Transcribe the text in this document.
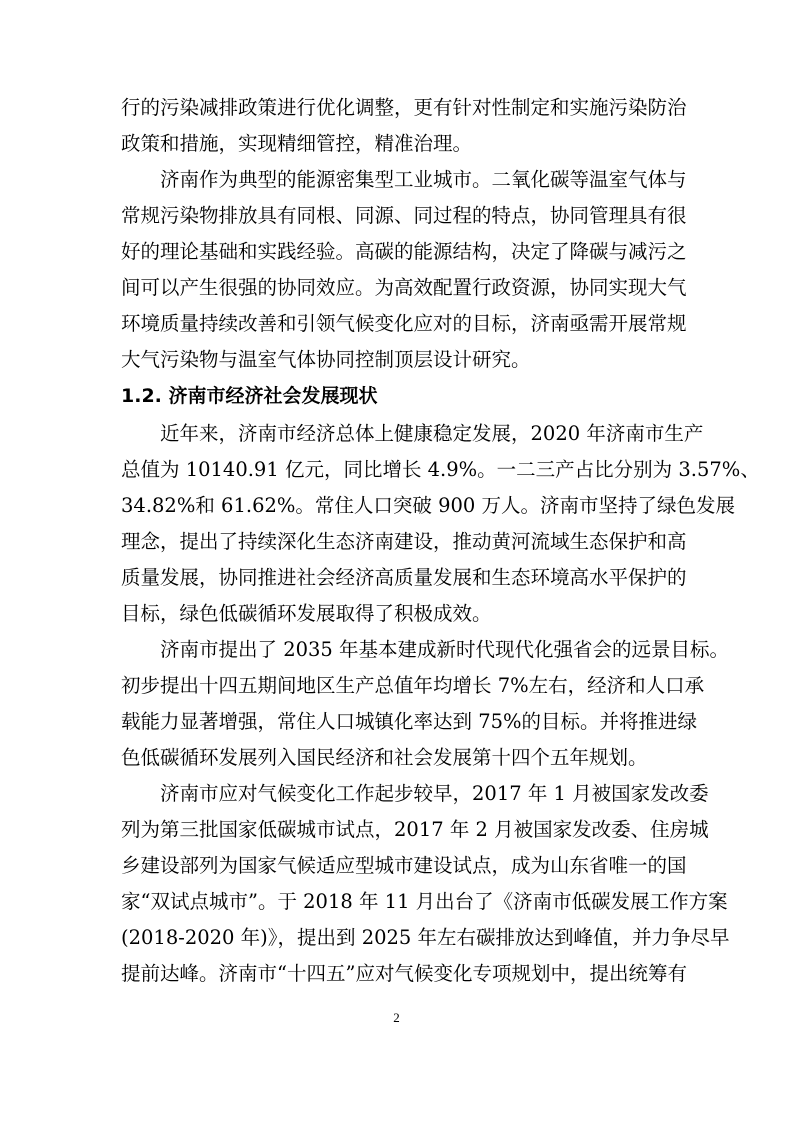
行的污染减排政策进行优化调整，更有针对性制定和实施污染防治
政策和措施，实现精细管控，精准治理。
　　济南作为典型的能源密集型工业城市。二氧化碳等温室气体与
常规污染物排放具有同根、同源、同过程的特点，协同管理具有很
好的理论基础和实践经验。高碳的能源结构，决定了降碳与减污之
间可以产生很强的协同效应。为高效配置行政资源，协同实现大气
环境质量持续改善和引领气候变化应对的目标，济南亟需开展常规
大气污染物与温室气体协同控制顶层设计研究。
1.2. 济南市经济社会发展现状
　　近年来，济南市经济总体上健康稳定发展，2020 年济南市生产
总值为 10140.91 亿元，同比增长 4.9%。一二三产占比分别为 3.57%、
34.82%和 61.62%。常住人口突破 900 万人。济南市坚持了绿色发展
理念，提出了持续深化生态济南建设，推动黄河流域生态保护和高
质量发展，协同推进社会经济高质量发展和生态环境高水平保护的
目标，绿色低碳循环发展取得了积极成效。
　　济南市提出了 2035 年基本建成新时代现代化强省会的远景目标。
初步提出十四五期间地区生产总值年均增长 7%左右，经济和人口承
载能力显著增强，常住人口城镇化率达到 75%的目标。并将推进绿
色低碳循环发展列入国民经济和社会发展第十四个五年规划。
　　济南市应对气候变化工作起步较早，2017 年 1 月被国家发改委
列为第三批国家低碳城市试点，2017 年 2 月被国家发改委、住房城
乡建设部列为国家气候适应型城市建设试点，成为山东省唯一的国
家“双试点城市”。于 2018 年 11 月出台了《济南市低碳发展工作方案
(2018-2020 年)》，提出到 2025 年左右碳排放达到峰值，并力争尽早
提前达峰。济南市“十四五”应对气候变化专项规划中，提出统筹有
2
